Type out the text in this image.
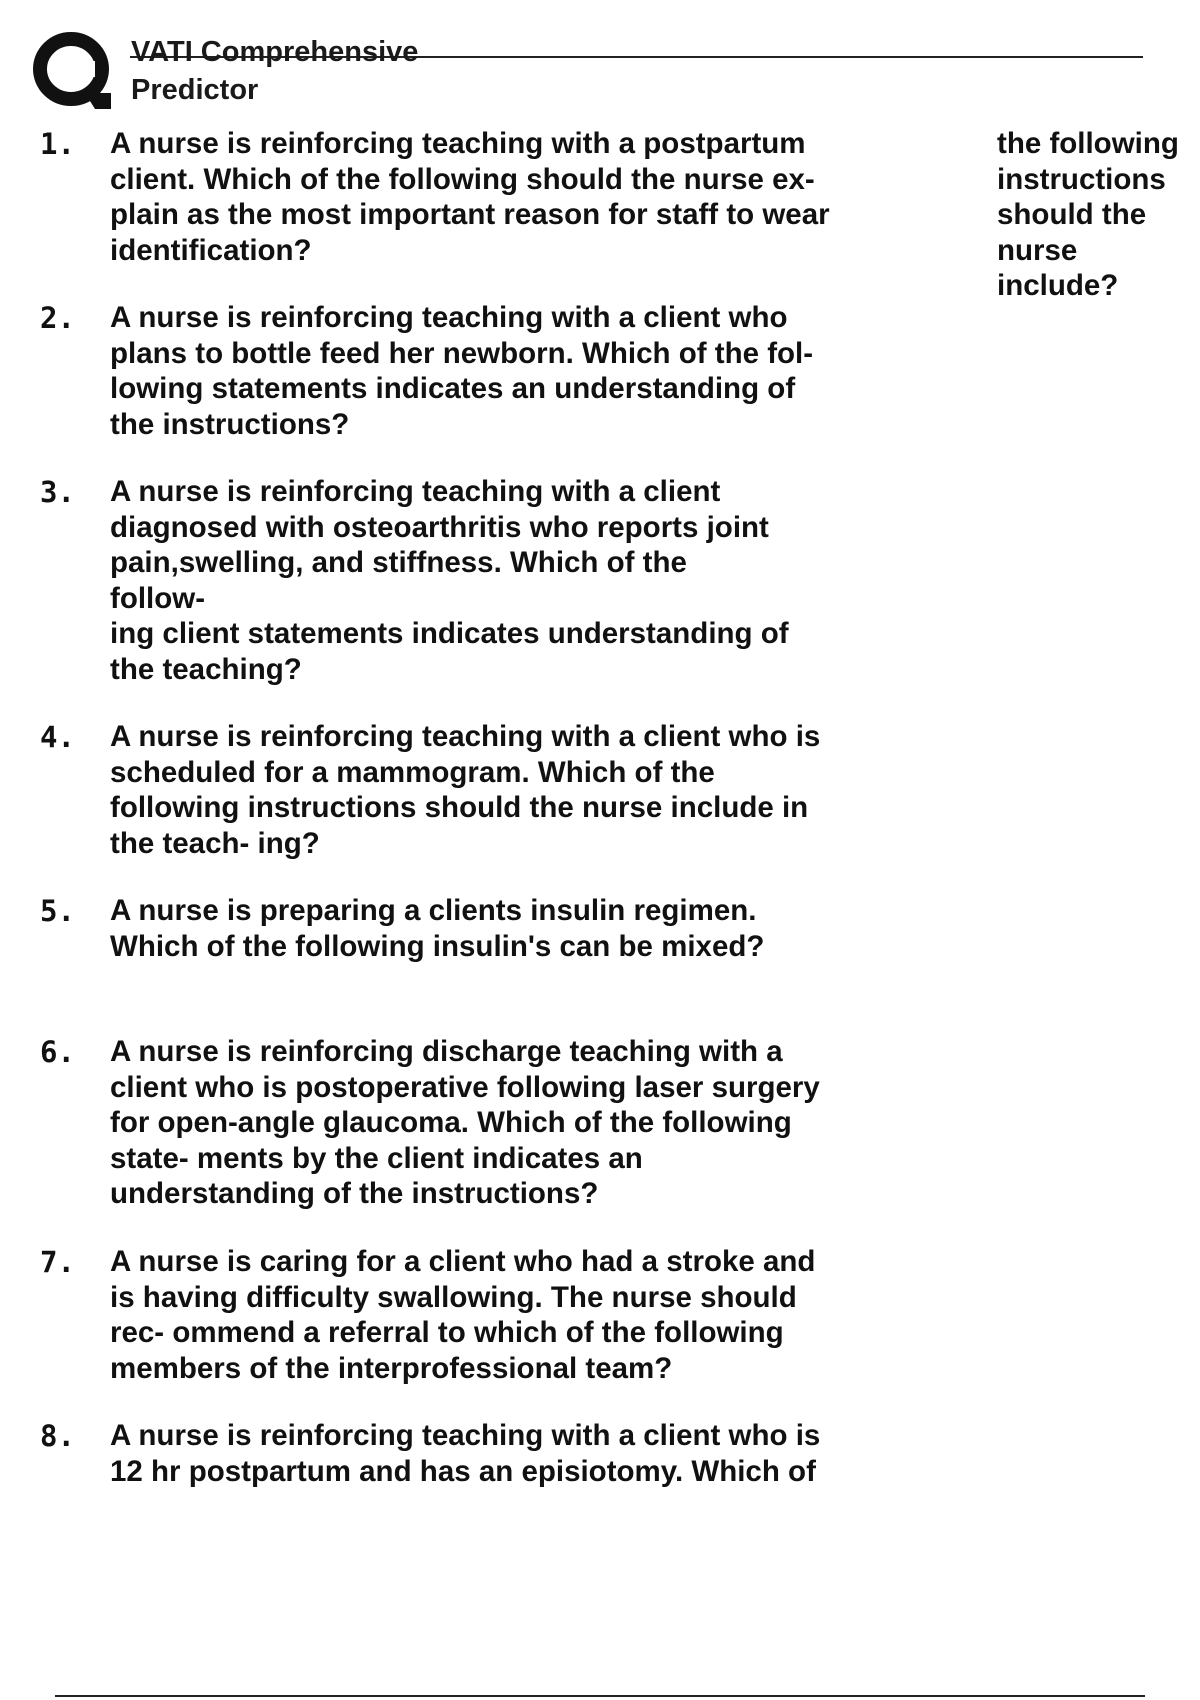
VATI Comprehensive
Predictor
1. A nurse is reinforcing teaching with a postpartum
client. Which of the following should the nurse ex-
plain as the most important reason for staff to wear
identification?
2. A nurse is reinforcing teaching with a client who
plans to bottle feed her newborn. Which of the fol-
lowing statements indicates an understanding of
the instructions?
3. A nurse is reinforcing teaching with a client
diagnosed with osteoarthritis who reports joint
pain,swelling, and stiffness. Which of the
follow-
ing client statements indicates understanding of
the teaching?
4. A nurse is reinforcing teaching with a client who is
scheduled for a mammogram. Which of the
following instructions should the nurse include in
the teach- ing?
5. A nurse is preparing a clients insulin regimen.
Which of the following insulin's can be mixed?
6. A nurse is reinforcing discharge teaching with a
client who is postoperative following laser surgery
for open-angle glaucoma. Which of the following
state- ments by the client indicates an
understanding of the instructions?
7. A nurse is caring for a client who had a stroke and
is having difficulty swallowing. The nurse should
rec- ommend a referral to which of the following
members of the interprofessional team?
8. A nurse is reinforcing teaching with a client who is
12 hr postpartum and has an episiotomy. Which of
the following
instructions
should the
nurse
include?
